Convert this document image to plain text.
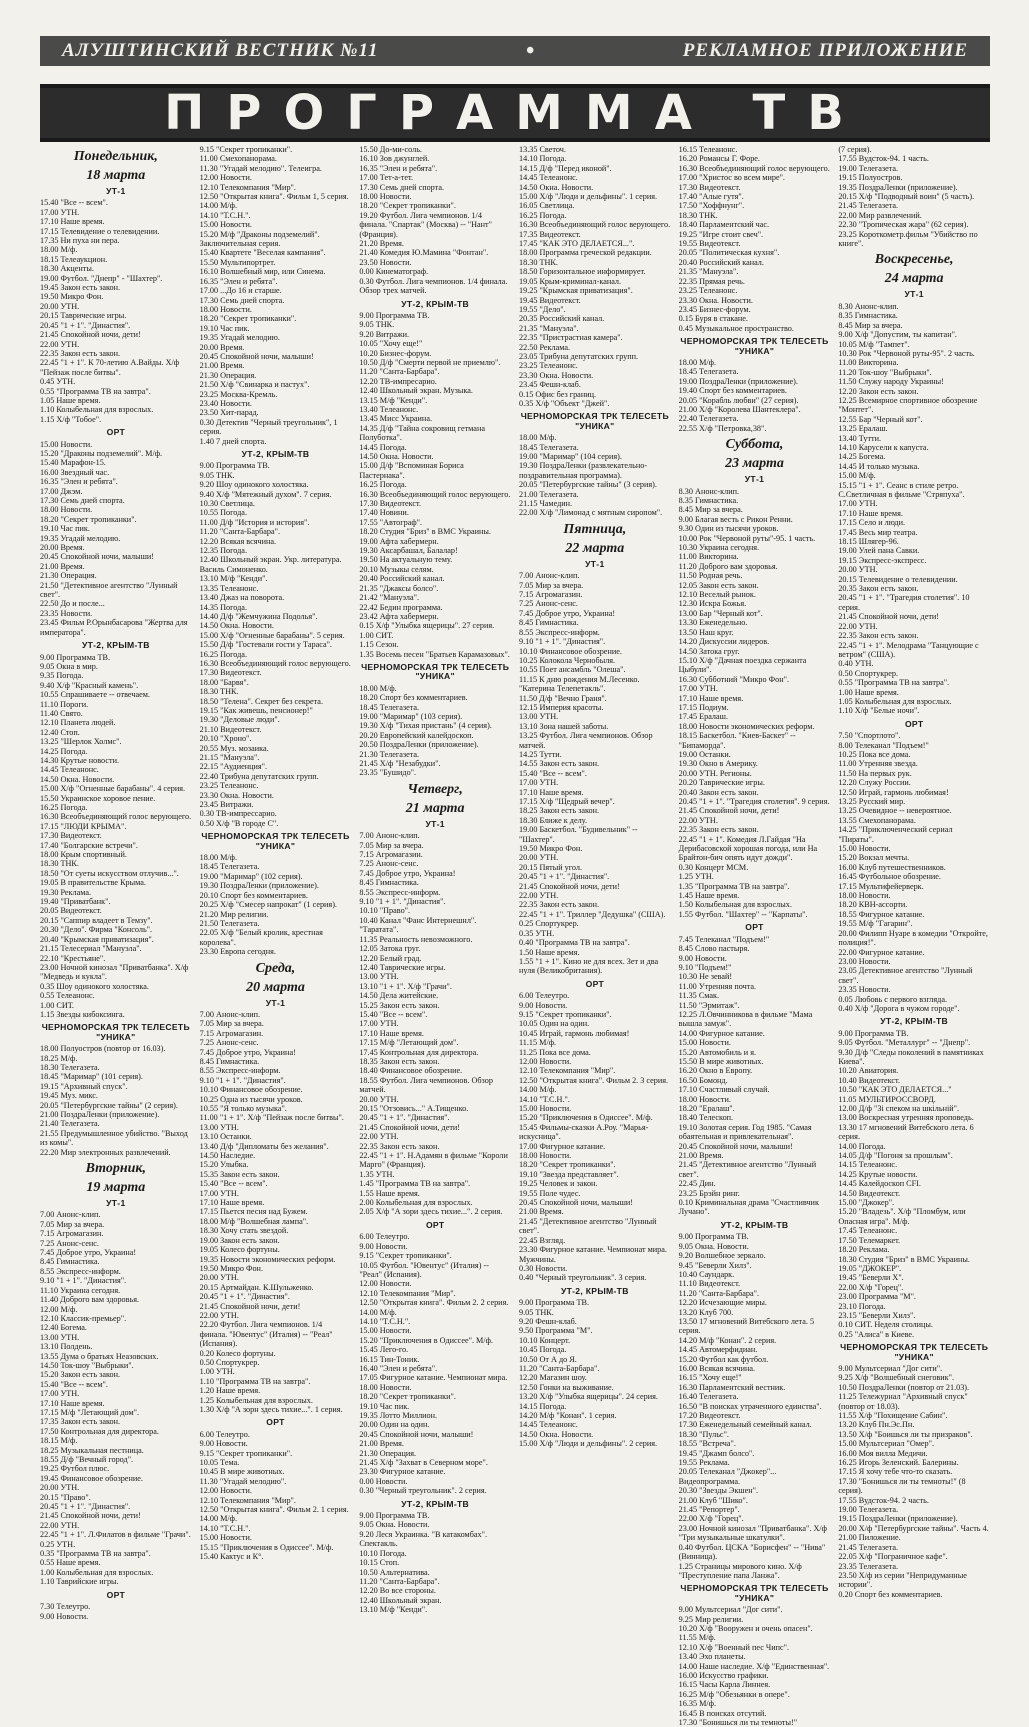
АЛУШТИНСКИЙ ВЕСТНИК №11	•	РЕКЛАМНОЕ ПРИЛОЖЕНИЕ
ПРОГРАММА ТВ
Понедельник,
18 марта
УТ-1
15.40 "Все -- всем".
17.00 УТН.
17.10 Наше время.
17.15 Телевидение о телевидении.
17.35 Ни пуха ни пера.
18.00 М/ф.
18.15 Телеаукцион.
18.30 Акценты.
19.00 Футбол. "Днепр" - "Шахтер".
19.45 Закон есть закон.
19.50 Микро Фон.
20.00 УТН.
20.15 Таврические игры.
20.45 "1 + 1". "Династия".
21.45 Спокойной ночи, дети!
22.00 УТН.
22.35 Закон есть закон.
22.45 "1 + 1". К 70-летию А.Вайды. Х/ф "Пейзаж после битвы".
0.45 УТН.
0.55 "Программа ТВ на завтра".
1.05 Наше время.
1.10 Колыбельная для взрослых.
1.15 Х/ф "Тобое".
ОРТ
15.00 Новости.
15.20 "Драконы подземелий". М/ф.
15.40 Марафон-15.
16.00 Звездный час.
16.35 "Элен и ребята".
17.00 Джэм.
17.30 Семь дней спорта.
18.00 Новости.
18.20 "Секрет тропиканки".
19.10 Час пик.
19.35 Угадай мелодию.
20.00 Время.
20.45 Спокойной ночи, малыши!
21.00 Время.
21.30 Операция.
21.50 "Детективное агентство "Лунный свет".
22.50 До и после...
23.35 Новости.
23.45 Фильм Р.Орынбасарова "Жертва для императора".
УТ-2, КРЫМ-ТВ
9.00 Программа ТВ.
9.05 Окна в мир.
9.35 Погода.
9.40 Х/ф "Красный камень".
10.55 Спрашиваете -- отвечаем.
11.10 Пороги.
11.40 Свято.
12.10 Планета людей.
12.40 Стоп.
13.25 "Шерлок Холмс".
14.25 Погода.
14.30 Крутые новости.
14.45 Телеанонс.
14.50 Окна. Новости.
15.00 Х/ф "Огненные барабаны". 4 серия.
15.50 Украинское хоровое пение.
16.25 Погода.
16.30 Всеобъединяющий голос верующего.
17.15 "ЛЮДИ КРЫМА".
17.30 Видеотекст.
17.40 "Болгарские встречи".
18.00 Крым спортивный.
18.30 ТНК.
18.50 "От суеты искусством отлучив...".
19.05 В правительстве Крыма.
19.30 Реклама.
19.40 "Приватбанк".
20.05 Видеотекст.
20.15 "Саппир владеет в Темзу".
20.30 "Дело". Фирма "Консоль".
20.40 "Крымская приватизация".
21.15 Телесериал "Мануэла".
22.10 "Крестьяне".
23.00 Ночной кинозал "Приватбанка". Х/ф "Медведь и кукла".
0.35 Шоу одинокого холостяка.
0.55 Телеанонс.
1.00 СИТ.
1.15 Звезды кибоксинга.
ЧЕРНОМОРСКАЯ ТРК ТЕЛЕСЕТЬ "УНИКА"
18.00 Полуостров (повтор от 16.03).
18.25 М/ф.
18.30 Телегазета.
18.45 "Маримар" (101 серия).
19.15 "Архивный спуск".
19.45 Муз. микс.
20.05 "Петербургские тайны" (2 серия).
21.00 ПоздраЛенки (приложение).
21.40 Телегазета.
21.55 Предумышленное убийство. "Выход из комы".
22.20 Мир электронных развлечений.
Вторник,
19 марта
УТ-1
7.00 Анонс-клип.
7.05 Мир за вчера.
7.15 Агромагазин.
7.25 Анонс-сенс.
7.45 Доброе утро, Украина!
8.45 Гимнастика.
8.55 Экспресс-информ.
9.10 "1 + 1". "Династия".
11.10 Украина сегодня.
11.40 Доброго вам здоровья.
12.00 М/ф.
12.10 Классик-премьер".
12.40 Богема.
13.00 УТН.
13.10 Полдень.
13.55 Дума о братьях Неазовских.
14.50 Ток-шоу "Выбрыки".
15.20 Закон есть закон.
15.40 "Все -- всем".
17.00 УТН.
17.10 Наше время.
17.15 М/ф "Летающий дом".
17.35 Закон есть закон.
17.50 Контрольная для директора.
18.15 М/ф.
18.25 Музыкальная пестница.
18.55 Д/ф "Вечный город".
19.25 Футбол плюс.
19.45 Финансовое обозрение.
20.00 УТН.
20.15 "Право".
20.45 "1 + 1". "Династия".
21.45 Спокойной ночи, дети!
22.00 УТН.
22.45 "1 + 1". Л.Филатов в фильме "Грачи".
0.25 УТН.
0.35 "Программа ТВ на завтра".
0.55 Наше время.
1.00 Колыбельная для взрослых.
1.10 Таврийские игры.
ОРТ
7.30 Телеутро.
9.00 Новости.
9.15 "Секрет тропиканки".
11.00 Смехопанорама.
11.30 "Угадай мелодию". Телеигра.
12.00 Новости.
12.10 Телекомпания "Мир".
12.50 "Открытая книга". Фильм 1, 5 серия.
14.00 М/ф.
14.10 "Т.С.Н.".
15.00 Новости.
15.20 М/ф "Драконы подземелий". Заключительная серия.
15.40 Квартете "Веселая кампания".
15.50 Мультипортрет.
16.10 Волшебный мир, или Синема.
16.35 "Элен и ребята".
17.00 ...До 16 и старше.
17.30 Семь дней спорта.
18.00 Новости.
18.20 "Секрет тропиканки".
19.10 Час пик.
19.35 Угадай мелодию.
20.00 Время.
20.45 Спокойной ночи, малыши!
21.00 Время.
21.30 Операция.
21.50 Х/ф "Свинарка и пастух".
23.25 Москва-Кремль.
23.40 Новости.
23.50 Хит-парад.
0.30 Детектив "Черный треугольник", 1 серия.
1.40 7 дней спорта.
УТ-2, КРЫМ-ТВ
9.00 Программа ТВ.
9.05 ТНК.
9.20 Шоу одинокого холостяка.
9.40 Х/ф "Мятежный духом". 7 серия.
10.30 Светлица.
10.55 Погода.
11.00 Д/ф "История и история".
11.20 "Санта-Барбара".
12.20 Всякая всячина.
12.35 Погода.
12.40 Школьный экран. Укр. литература. Василь Симоненко.
13.10 М/ф "Кенди".
13.35 Телеанонс.
13.40 Джаз на поворота.
14.35 Погода.
14.40 Д/ф "Жемчужина Подолья".
14.50 Окна. Новости.
15.00 Х/ф "Огненные барабаны". 5 серия.
15.50 Д/ф "Гостевали гости у Тараса".
16.25 Погода.
16.30 Всеобъединяющий голос верующего.
17.30 Видеотекст.
18.00 "Барвя".
18.30 ТНК.
18.50 "Телена". Секрет без секрета.
19.15 "Как живешь, пенсионер!"
19.30 "Деловые люди".
21.10 Видеотекст.
20.10 "Хроно".
20.55 Муз. мозаика.
21.15 "Мануэла".
22.15 "Аудиенция".
22.40 Трибуна депутатских групп.
23.25 Телеанонс.
23.30 Окна. Новости.
23.45 Витражи.
0.30 ТВ-импрессарио.
0.50 Х/ф "В городе С".
ЧЕРНОМОРСКАЯ ТРК ТЕЛЕСЕТЬ "УНИКА"
18.00 М/ф.
18.45 Телегазета.
19.00 "Маримар" (102 серия).
19.30 ПоздраЛенки (приложение).
20.10 Спорт без комментариев.
20.25 Х/ф "Смесер напрокат" (1 серия).
21.20 Мир религии.
21.50 Телегазета.
22.05 Х/ф "Белый кролик, крестная королева".
23.30 Европа сегодня.
Среда,
20 марта
УТ-1
7.00 Анонс-клип.
7.05 Мир за вчера.
7.15 Агромагазин.
7.25 Анонс-сенс.
7.45 Доброе утро, Украина!
8.45 Гимнастика.
8.55 Экспресс-информ.
9.10 "1 + 1". "Династия".
10.10 Финансовое обозрение.
10.25 Одна из тысячи уроков.
10.55 "Я только музыка".
11.00 "1 + 1". Х/ф "Пейзаж после битвы".
13.00 УТН.
13.10 Останки.
13.40 Д/ф "Дипломаты без желания".
14.50 Наследие.
15.20 Улыбка.
15.35 Закон есть закон.
15.40 "Все -- всем".
17.00 УТН.
17.10 Наше время.
17.15 Пьется песня над Бужем.
18.00 М/ф "Волшебная лампа".
18.30 Хочу стать звездой.
19.00 Закон есть закон.
19.05 Колесо фортуны.
19.35 Новости экономических реформ.
19.50 Микро Фон.
20.00 УТН.
20.15 Артмайдан. К.Шульженко.
20.45 "1 + 1". "Династия".
21.45 Спокойной ночи, дети!
22.00 УТН.
22.20 Футбол. Лига чемпионов. 1/4 финала. "Ювентус" (Италия) -- "Реал" (Испания).
0.20 Колесо фортуны.
0.50 Спортукрер.
1.00 УТН.
1.10 "Программа ТВ на завтра".
1.20 Наше время.
1.25 Колыбельная для взрослых.
1.30 Х/ф "А зорн здесь тихие...". 1 серия.
ОРТ
6.00 Телеутро.
9.00 Новости.
9.15 "Секрет тропиканки".
10.05 Тема.
10.45 В мире животных.
11.30 "Угадай мелодию".
12.00 Новости.
12.10 Телекомпания "Мир".
12.50 "Открытая книга". Фильм 2. 1 серия.
14.00 М/ф.
14.10 "Т.С.Н.".
15.00 Новости.
15.15 "Приключения в Одиссее". М/ф.
15.40 Кактус и К°.
15.50 До-ми-соль.
16.10 Зов джунглей.
16.35 "Элен и ребята".
17.00 Тет-а-тет.
17.30 Семь дней спорта.
18.00 Новости.
18.20 "Секрет тропиканки".
19.20 Футбол. Лига чемпионов. 1/4 финала. "Спартак" (Москва) -- "Нант" (Франция).
21.20 Время.
21.40 Комедия Ю.Мамина "Фонтан".
23.50 Новости.
0.00 Кинематограф.
0.30 Футбол. Лига чемпионов. 1/4 финала. Обзор трех матчей.
УТ-2, КРЫМ-ТВ
9.00 Программа ТВ.
9.05 ТНК.
9.20 Витражи.
10.05 "Хочу еще!"
10.20 Бизнес-форум.
10.50 Д/ф "Смерти первой не приемлю".
11.20 "Санта-Барбара".
12.20 ТВ-импресарио.
12.40 Школьный экран. Музыка.
13.15 М/ф "Кенди".
13.40 Телеанонс.
13.45 Мисс Украина.
14.35 Д/ф "Тайна сокровищ гетмана Полуботка".
14.45 Погода.
14.50 Окна. Новости.
15.00 Д/ф "Вспоминая Бориса Пастернака".
16.25 Погода.
16.30 Всеобъединяющий голос верующего.
17.30 Видеотекст.
17.40 Новини.
17.55 "Автограф".
18.20 Студия "Бриз" в ВМС Украины.
19.00 Афта хабермерн.
19.30 Аксарбашал, Балалар!
19.50 На актуальную тему.
20.10 Музыкы селям.
20.40 Российский канал.
21.35 "Джаксы болсо".
21.42 "Мануэла".
22.42 Бедин программа.
23.42 Афта хабермерн.
0.15 Х/ф "Улыбка ящерицы". 27 серия.
1.00 СИТ.
1.15 Сезон.
1.35 Восемь песен "Братьев Карамазовых".
ЧЕРНОМОРСКАЯ ТРК ТЕЛЕСЕТЬ "УНИКА"
18.00 М/ф.
18.20 Спорт без комментариев.
18.45 Телегазета.
19.00 "Маримар" (103 серия).
19.30 Х/ф "Тихая пристань" (4 серия).
20.20 Европейский калейдоскоп.
20.50 ПоздраЛенки (приложение).
21.30 Телегазета.
21.45 Х/ф "Незабудки".
23.35 "Бушидо".
Четверг,
21 марта
УТ-1
7.00 Анонс-клип.
7.05 Мир за вчера.
7.15 Агромагазин.
7.25 Анонс-сенс.
7.45 Доброе утро, Украина!
8.45 Гимнастика.
8.55 Экспресс-информ.
9.10 "1 + 1". "Династия".
10.10 "Право".
10.40 Канал "Фанс Интернешнл". "Таратата".
11.35 Реальность невозможного.
12.05 Затока груг.
12.20 Белый град.
12.40 Таврические игры.
13.00 УТН.
13.10 "1 + 1". Х/ф "Грачи".
14.50 Дела житейские.
15.25 Закон есть закон.
15.40 "Все -- всем".
17.00 УТН.
17.10 Наше время.
17.15 М/ф "Летающий дом".
17.45 Контрольная для директора.
18.35 Закон есть закон.
18.40 Финансовое обозрение.
18.55 Футбол. Лига чемпионов. Обзор матчей.
20.00 УТН.
20.15 "Отзовись..." А.Тищенко.
20.45 "1 + 1". "Династия".
21.45 Спокойной ночи, дети!
22.00 УТН.
22.35 Закон есть закон.
22.45 "1 + 1". Н.Адамян в фильме "Короли Марго" (Франция).
1.35 УТН.
1.45 "Программа ТВ на завтра".
1.55 Наше время.
2.00 Колыбельная для взрослых.
2.05 Х/ф "А зори здесь тихие...". 2 серия.
ОРТ
6.00 Телеутро.
9.00 Новости.
9.15 "Секрет тропиканки".
10.05 Футбол. "Ювентус" (Италия) -- "Реал" (Испания).
12.00 Новости.
12.10 Телекомпания "Мир".
12.50 "Открытая книга". Фильм 2. 2 серия.
14.00 М/ф.
14.10 "Т.С.Н.".
15.00 Новости.
15.20 "Приключения в Одиссее". М/ф.
15.45 Лего-го.
16.15 Тин-Тоник.
16.40 "Элен и ребята".
17.05 Фигурное катание. Чемпионат мира.
18.00 Новости.
18.20 "Секрет тропиканки".
19.10 Час пик.
19.35 Лотто Миллион.
20.00 Один на один.
20.45 Спокойной ночи, малыши!
21.00 Время.
21.30 Операция.
21.45 Х/ф "Захват в Северном море".
23.30 Фигурное катание.
0.00 Новости.
0.30 "Черный треугольник". 2 серия.
УТ-2, КРЫМ-ТВ
9.00 Программа ТВ.
9.05 Окна. Новости.
9.20 Леся Украинка. "В катакомбах". Спектакль.
10.10 Погода.
10.15 Стоп.
10.50 Альтернатива.
11.20 "Санта-Барбара".
12.20 Во все стороны.
12.40 Школьный экран.
13.10 М/ф "Кенди".
13.35 Светоч.
14.10 Погода.
14.15 Д/ф "Перед иконой".
14.45 Телеанонс.
14.50 Окна. Новости.
15.00 Х/ф "Люди и дельфины". 1 серия.
16.05 Светлица.
16.25 Погода.
16.30 Всеобъединяющий голос верующего.
17.35 Видеотекст.
17.45 "КАК ЭТО ДЕЛАЕТСЯ...".
18.00 Программа греческой редакции.
18.30 ТНК.
18.50 Горизонтальное информирует.
19.05 Крым-криминал-канал.
19.25 "Крымская приватизация".
19.45 Видеотекст.
19.55 "Дело".
20.35 Российский канал.
21.35 "Мануэла".
22.35 "Пристрастная камера".
22.50 Реклама.
23.05 Трибуна депутатских групп.
23.25 Телеанонс.
23.30 Окна. Новости.
23.45 Фешн-клаб.
0.15 Офис без границ.
0.35 Х/ф "Объект "Джей".
ЧЕРНОМОРСКАЯ ТРК ТЕЛЕСЕТЬ "УНИКА"
18.00 М/ф.
18.45 Телегазета.
19.00 "Маримар" (104 серия).
19.30 ПоздраЛенки (развлекательно-поздравительная программа).
20.05 "Петербургские тайны" (3 серия).
21.00 Телегазета.
21.15 Чамедин.
22.00 Х/ф "Лимонад с мятным сиропом".
Пятница,
22 марта
УТ-1
7.00 Анонс-клип.
7.05 Мир за вчера.
7.15 Агромагазин.
7.25 Анонс-сенс.
7.45 Доброе утро, Украина!
8.45 Гимнастика.
8.55 Экспресс-информ.
9.10 "1 + 1". "Династия".
10.10 Финансовое обозрение.
10.25 Колокола Чернобыля.
10.55 Поет ансамбль "Олеша".
11.15 К дню рождения М.Лесенко. "Катерина Телепетакль".
11.50 Д/ф "Вечно Граня".
12.15 Империя красоты.
13.00 УТН.
13.10 Зона нашей заботы.
13.25 Футбол. Лига чемпионов. Обзор матчей.
14.25 Тутти.
14.55 Закон есть закон.
15.40 "Все -- всем".
17.00 УТН.
17.10 Наше время.
17.15 Х/ф "Щедрый вечер".
18.25 Закон есть закон.
18.30 Ближе к делу.
19.00 Баскетбол. "Будивельник" -- "Шахтер".
19.50 Микро Фон.
20.00 УТН.
20.15 Пятый угол.
20.45 "1 + 1". "Династия".
21.45 Спокойной ночи, дети!
22.00 УТН.
22.35 Закон есть закон.
22.45 "1 + 1". Триллер "Дедушка" (США).
0.25 Спортукрер.
0.35 УТН.
0.40 "Программа ТВ на завтра".
1.50 Наше время.
1.55 "1 + 1". Кино не для всех. Зет и два нуля (Великобритания).
ОРТ
6.00 Телеутро.
9.00 Новости.
9.15 "Секрет тропиканки".
10.05 Один на один.
10.45 Играй, гармонь любимая!
11.15 М/ф.
11.25 Пока все дома.
12.00 Новости.
12.10 Телекомпания "Мир".
12.50 "Открытая книга". Фильм 2. 3 серия.
14.00 М/ф.
14.10 "Т.С.Н.".
15.00 Новости.
15.20 "Приключения в Одиссее". М/ф.
15.45 Фильмы-сказки А.Роу. "Марья-искусница".
17.00 Фигурное катание.
18.00 Новости.
18.20 "Секрет тропиканки".
19.10 "Звезда представляет".
19.25 Человек и закон.
19.55 Поле чудес.
20.45 Спокойной ночи, малыши!
21.00 Время.
21.45 "Детективное агентство "Лунный свет".
22.45 Взгляд.
23.30 Фигурное катание. Чемпионат мира. Мужчины.
0.30 Новости.
0.40 "Черный треугольник". 3 серия.
УТ-2, КРЫМ-ТВ
9.00 Программа ТВ.
9.05 ТНК.
9.20 Фешн-клаб.
9.50 Программа "М".
10.10 Концерт.
10.45 Погода.
10.50 От А до Я.
11.20 "Санта-Барбара".
12.20 Магазин шоу.
12.50 Гонки на выживание.
13.20 Х/ф "Улыбка ящерицы". 24 серия.
14.15 Погода.
14.20 М/ф "Конан". 1 серия.
14.45 Телеанонс.
14.50 Окна. Новости.
15.00 Х/ф "Люди и дельфины". 2 серия.
16.15 Телеанонс.
16.20 Романсы Г. Форе.
16.30 Всеобъединяющий голос верующего.
17.00 "Христос во всем мире".
17.30 Видеотекст.
17.40 "Алые гутя".
17.50 "Хоффнунг".
18.30 ТНК.
18.40 Парламентский час.
19.25 "Игре стоит свеч".
19.55 Видеотекст.
20.05 "Политическая кухня".
20.40 Российский канал.
21.35 "Мануэла".
22.35 Прямая речь.
23.25 Телеанонс.
23.30 Окна. Новости.
23.45 Бизнес-форум.
0.15 Буря в стакане.
0.45 Музыкальное пространство.
ЧЕРНОМОРСКАЯ ТРК ТЕЛЕСЕТЬ "УНИКА"
18.00 М/ф.
18.45 Телегазета.
19.00 ПоздраЛенки (приложение).
19.40 Спорт без комментариев.
20.05 "Корабль любви" (27 серия).
21.00 Х/ф "Королева Шантеклера".
22.40 Телегазета.
22.55 Х/ф "Петровка,38".
Суббота,
23 марта
УТ-1
8.30 Анонс-клип.
8.35 Гимнастика.
8.45 Мир за вчера.
9.00 Благая весть с Рикон Ренни.
9.30 Один из тысячи уроков.
10.00 Рок "Червоной руты"-95. 1 часть.
10.30 Украина сегодня.
11.00 Викторина.
11.20 Доброго вам здоровья.
11.50 Родная речь.
12.05 Закон есть закон.
12.10 Веселый рынок.
12.30 Искра Божья.
13.00 Бар "Черный кот".
13.30 Еженедельно.
13.50 Наш круг.
14.20 Дискуссии лидеров.
14.50 Затока груг.
15.10 Х/ф "Дачная поездка сержанта Цыбули".
16.30 Субботний "Микро Фон".
17.00 УТН.
17.10 Наше время.
17.15 Подиум.
17.45 Ералаш.
18.00 Новости экономических реформ.
18.15 Баскетбол. "Киев-Баскет" -- "Бипаморда".
19.00 Останки.
19.30 Окно в Америку.
20.00 УТН. Регионы.
20.20 Таврические игры.
20.40 Закон есть закон.
20.45 "1 + 1". "Трагедия столетия". 9 серия.
21.45 Спокойной ночи, дети!
22.00 УТН.
22.35 Закон есть закон.
22.45 "1 + 1". Комедия Л.Гайдая "На Дерибасовской хорошая погода, или На Брайтон-бич опять идут дожди".
0.30 Концерт МСМ.
1.25 УТН.
1.35 "Программа ТВ на завтра".
1.45 Наше время.
1.50 Колыбельная для взрослых.
1.55 Футбол. "Шахтер" -- "Карпаты".
ОРТ
7.45 Телеканал "Подъем!"
8.45 Слово пастыря.
9.00 Новости.
9.10 "Подъем!"
10.30 Не зевай!
11.00 Утренняя почта.
11.35 Смак.
11.50 "Эрмитаж".
12.25 Л.Овчинникова в фильме "Мама вышла замуж".
14.00 Фигурное катание.
15.00 Новости.
15.20 Автомобиль и я.
15.50 В мире животных.
16.20 Окно в Европу.
16.50 Бомонд.
17.10 Счастливый случай.
18.00 Новости.
18.20 "Ералаш".
18.40 Телескоп.
19.10 Золотая серия. Год 1985. "Самая обаятельная и привлекательная".
20.45 Спокойной ночи, малыши!
21.00 Время.
21.45 "Детективное агентство "Лунный свет".
22.45 Дин.
23.25 Брэйн ринг.
0.10 Криминальная драма "Счастливчик Лучано".
УТ-2, КРЫМ-ТВ
9.00 Программа ТВ.
9.05 Окна. Новости.
9.20 Волшебное зеркало.
9.45 "Беверли Хилз".
10.40 Саундарк.
11.10 Видеотекст.
11.20 "Санта-Барбара".
12.20 Исчезающие миры.
13.20 Клуб 700.
13.50 17 мгновений Витебского лета. 5 серия.
14.20 М/ф "Конан". 2 серия.
14.45 Автомерфидиан.
15.20 Футбол как футбол.
16.00 Всякая всячина.
16.15 "Хочу еще!"
16.30 Парламентский вестник.
16.40 Телегазета.
16.50 "В поисках утраченного единства".
17.20 Видеотекст.
17.30 Еженедельный семейный канал.
18.30 "Пульс".
18.55 "Встреча".
19.45 "Джамп болсо".
19.55 Реклама.
20.05 Телеканал "Джокер"... Видеопрограмма.
20.30 "Звезды Экшен".
21.00 Клуб "Шико".
21.45 "Репортер".
22.00 Х/ф "Горец".
23.00 Ночной кинозал "Приватбанка". Х/ф "Три музыкальные шкатулки".
0.40 Футбол. ЦСКА "Борисфен" -- "Нива" (Винница).
1.25 Страницы мирового кино. Х/ф "Преступление папа Ланжа".
ЧЕРНОМОРСКАЯ ТРК ТЕЛЕСЕТЬ "УНИКА"
9.00 Мультсериал "Дог сити".
9.25 Мир религии.
10.20 Х/ф "Вооружен и очень опасен".
11.55 М/ф.
12.10 Х/ф "Военный пес Чипс".
13.40 Эхо планеты.
14.00 Наше наследие. Х/ф "Единственная".
16.00 Искусство графики.
16.15 Часы Карла Линнея.
16.25 М/ф "Обезьянки в опере".
16.35 М/ф.
16.45 В поисках отсутий.
17.30 "Бонишься ли ты темноты!"
(7 серия).
17.55 Вудсток-94. 1 часть.
19.00 Телегазета.
19.15 Полуостров.
19.35 ПоздраЛенки (приложение).
20.15 Х/ф "Подводный воин" (5 часть).
21.45 Телегазета.
22.00 Мир развлечений.
22.30 "Тропическая жара" (62 серия).
23.25 Короткометр.фильм "Убийство по книге".
Воскресенье,
24 марта
УТ-1
8.30 Анонс-клип.
8.35 Гимнастика.
8.45 Мир за вчера.
9.00 Х/ф "Допустим, ты капитан".
10.05 М/ф "Тампет".
10.30 Рок "Червоной руты-95". 2 часть.
11.00 Викторина.
11.20 Ток-шоу "Выбрыки".
11.50 Служу народу Украины!
12.20 Закон есть закон.
12.25 Всемирное спортивное обозрение "Монтет".
12.55 Бар "Черный кот".
13.25 Ералаш.
13.40 Тутти.
14.10 Карусели к капуста.
14.25 Богема.
14.45 И только музыка.
15.00 М/ф.
15.15 "1 + 1". Сеанс в стиле ретро. С.Светличная в фильме "Стряпуха".
17.00 УТН.
17.10 Наше время.
17.15 Село и люди.
17.45 Весь мир театра.
18.15 Шлягер-96.
19.00 Улей пана Савки.
19.15 Экспресс-экспресс.
20.00 УТН.
20.15 Телевидение о телевидении.
20.35 Закон есть закон.
20.45 "1 + 1". "Трагедия столетия". 10 серия.
21.45 Спокойной ночи, дети!
22.00 УТН.
22.35 Закон есть закон.
22.45 "1 + 1". Мелодрама "Танцующие с ветром" (США).
0.40 УТН.
0.50 Спортукрер.
0.55 "Программа ТВ на завтра".
1.00 Наше время.
1.05 Колыбельная для взрослых.
1.10 Х/ф "Белые ночи".
ОРТ
7.50 "Спортлото".
8.00 Телеканал "Подъем!"
10.25 Пока все дома.
11.00 Утренняя звезда.
11.50 На первых рук.
12.20 Служу России.
12.50 Играй, гармонь любимая!
13.25 Русский мир.
13.25 Очевидное -- невероятное.
13.55 Смехопанорама.
14.25 "Приключенческий сериал "Пираты".
15.00 Новости.
15.20 Вокзал мечты.
16.00 Клуб путешественников.
16.45 Футбольное обозрение.
17.15 Мультифейерверк.
18.00 Новости.
18.20 КВН-ассорти.
18.55 Фигурное катание.
19.55 М/ф "Гагарин".
20.00 Филипп Нуаре в комедии "Откройте, полиция!".
22.00 Фигурное катание.
23.00 Новости.
23.05 Детективное агентство "Лунный свет".
23.35 Новости.
0.05 Любовь с первого взгляда.
0.40 Х/ф "Дорога в чужом городе".
УТ-2, КРЫМ-ТВ
9.00 Программа ТВ.
9.05 Футбол. "Металлург" -- "Днепр".
9.30 Д/ф "Следы поколений в памятниках Киева".
10.20 Авиатория.
10.40 Видеотекст.
10.50 "КАК ЭТО ДЕЛАЕТСЯ..."
11.05 МУЛЬТИРОССВОРД.
12.00 Д/ф "Зі спеком на шкільній".
13.00 Воскресная утренняя проповедь.
13.30 17 мгновений Витебского лета. 6 серия.
14.00 Погода.
14.05 Д/ф "Погоня за прошлым".
14.15 Телеанонс.
14.25 Крутые новости.
14.45 Калейдоскоп CFI.
14.50 Видеотекст.
15.00 "Джокер".
15.20 "Владезь". Х/ф "Пломбум, или Опасная игра". М/ф.
17.45 Телеанонс.
17.50 Телемаркет.
18.20 Реклама.
18.30 Студия "Бриз" в ВМС Украины.
19.05 "ДЖОКЕР".
19.45 "Беверли Х".
22.00 Х/ф "Горец".
23.00 Программа "М".
23.10 Погода.
23.15 "Беверли Хилз".
0.10 СИТ. Неделя столицы.
0.25 "Алиса" в Киеве.
ЧЕРНОМОРСКАЯ ТРК ТЕЛЕСЕТЬ "УНИКА"
9.00 Мультсериал "Дог сити".
9.25 Х/ф "Волшебный снеговик".
10.50 ПоздраЛенки (повтор от 21.03).
11.25 Тележурнал "Архивный спуск" (повтор от 18.03).
11.55 Х/ф "Похищение Сабин".
13.20 Клуб Пн.Эс.Пн.
13.50 Х/ф "Боишься ли ты призраков".
15.00 Мультсериал "Омер".
16.00 Моя вилла Медичи.
16.25 Игорь Зеленский. Балерины.
17.15 Я хочу тебе что-то сказать.
17.30 "Бонишься ли ты темноты!" (8 серия).
17.55 Вудсток-94. 2 часть.
19.00 Телегазета.
19.15 ПоздраЛенки (приложение).
20.00 Х/ф "Петербургские тайны". Часть 4.
21.00 Пиложение.
21.45 Телегазета.
22.05 Х/ф "Пограничное кафе".
23.35 Телегазета.
23.50 Х/ф из серии "Непридуманные истории".
0.20 Спорт без комментариев.
